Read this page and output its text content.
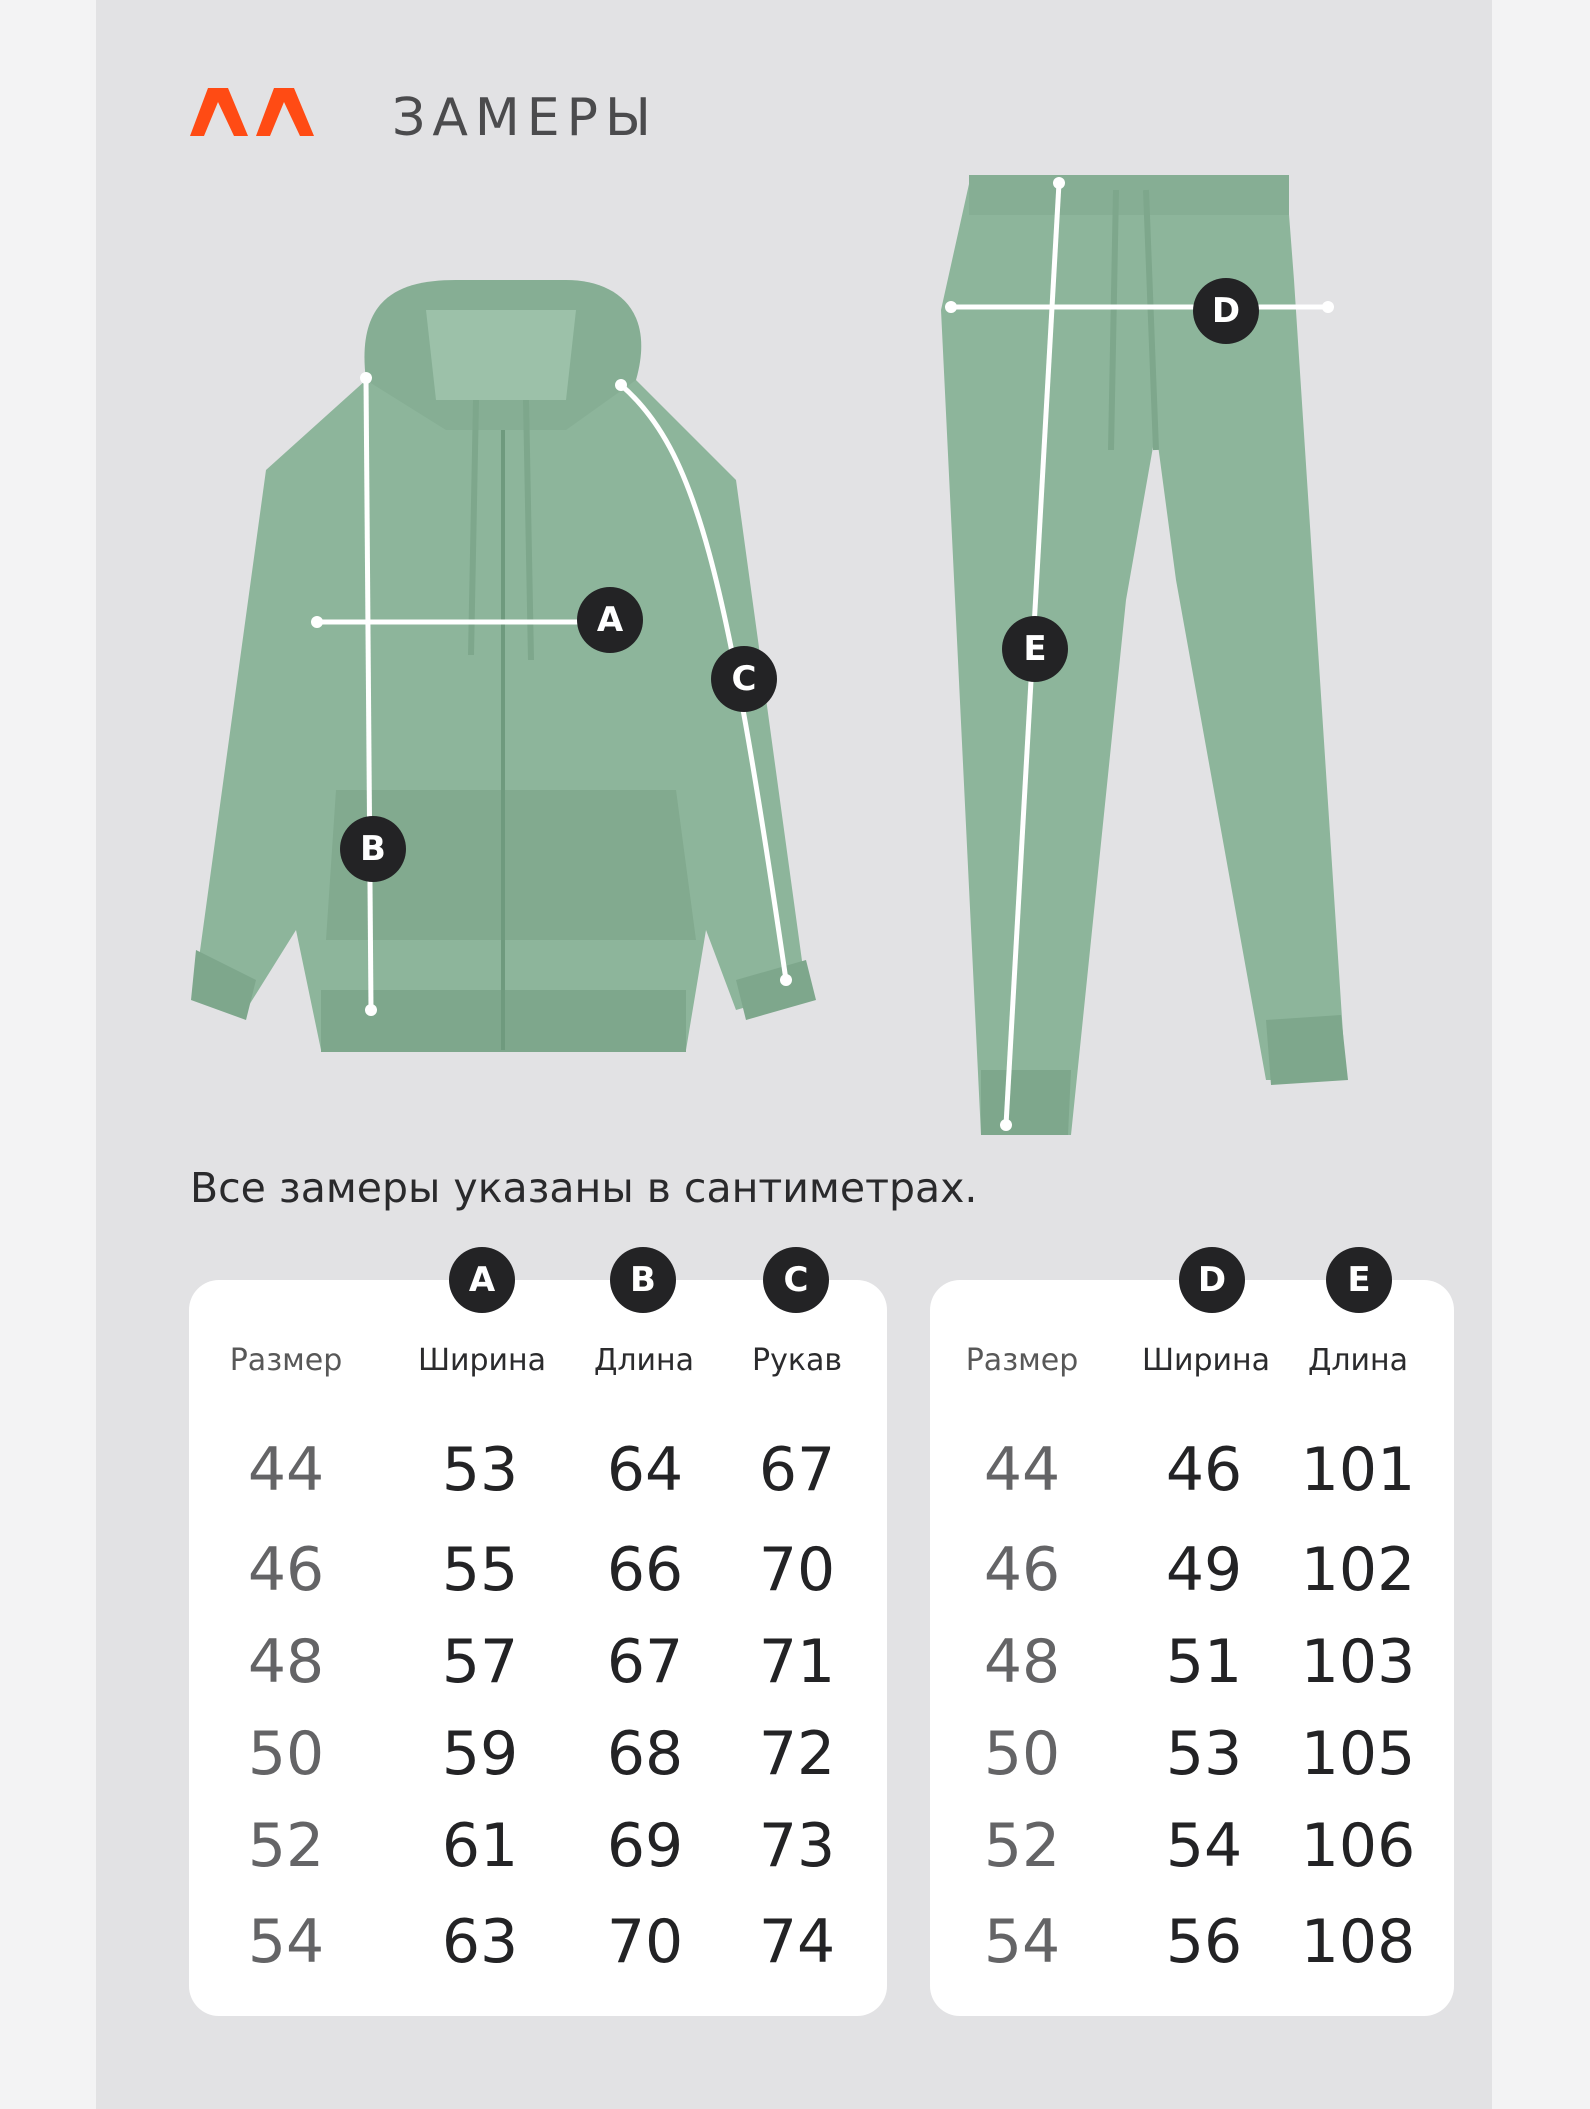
ЗАМЕРЫ
A
B
C
D
E
Все замеры указаны в сантиметрах.
A	B	C
Размер	Ширина Длина Рукав
44 53 64 67
46 55 66 70
48 57 67 71
50 59 68 72
52 61 69 73
54 63 70 74
D	E
Размер Ширина Длина
44 46 101
46 49 102
48 51 103
50 53 105
52 54 106
54 56 108
